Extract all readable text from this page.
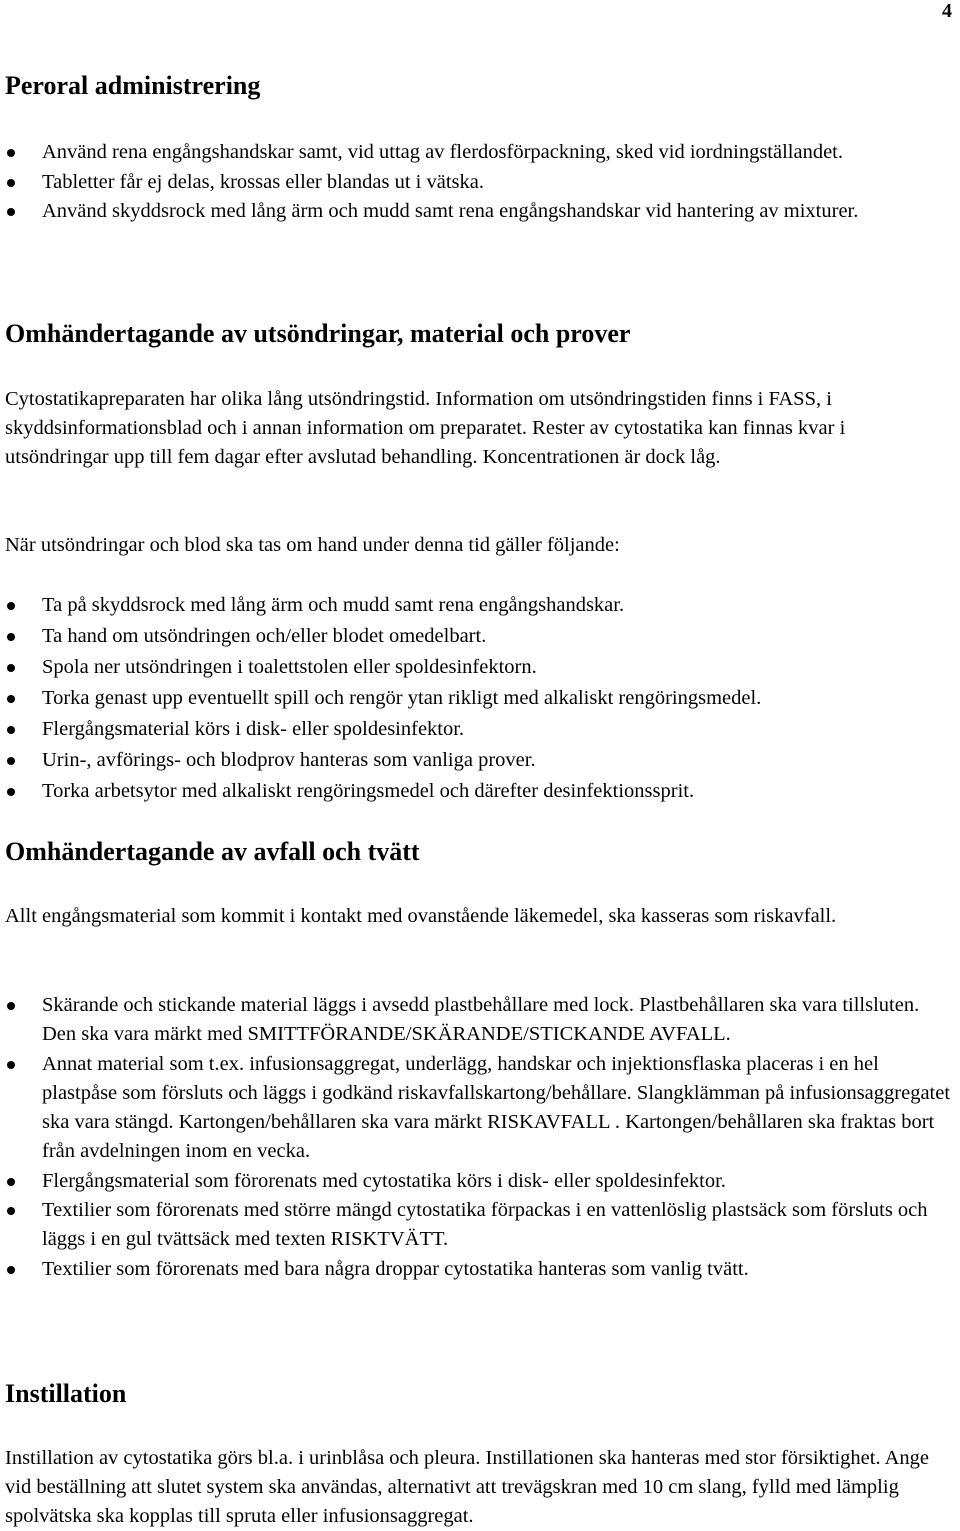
4
Peroral administrering
Använd rena engångshandskar samt, vid uttag av flerdosförpackning, sked vid iordningställandet.
Tabletter får ej delas, krossas eller blandas ut i vätska.
Använd skyddsrock med lång ärm och mudd samt rena engångshandskar vid hantering av mixturer.
Omhändertagande av utsöndringar, material och prover

Cytostatikapreparaten har olika lång utsöndringstid. Information om utsöndringstiden finns i FASS, i skyddsinformationsblad och i annan information om preparatet. Rester av cytostatika kan finnas kvar i utsöndringar upp till fem dagar efter avslutad behandling. Koncentrationen är dock låg.

När utsöndringar och blod ska tas om hand under denna tid gäller följande:

Ta på skyddsrock med lång ärm och mudd samt rena engångshandskar.
Ta hand om utsöndringen och/eller blodet omedelbart.
Spola ner utsöndringen i toalettstolen eller spoldesinfektorn.
Torka genast upp eventuellt spill och rengör ytan rikligt med alkaliskt rengöringsmedel.
Flergångsmaterial körs i disk- eller spoldesinfektor.
Urin-, avförings- och blodprov hanteras som vanliga prover.
Torka arbetsytor med alkaliskt rengöringsmedel och därefter desinfektionssprit.
Omhändertagande av avfall och tvätt

Allt engångsmaterial som kommit i kontakt med ovanstående läkemedel, ska kasseras som riskavfall.

Skärande och stickande material läggs i avsedd plastbehållare med lock. Plastbehållaren ska vara tillsluten. Den ska vara märkt med SMITTFÖRANDE/SKÄRANDE/STICKANDE AVFALL.
Annat material som t.ex. infusionsaggregat, underlägg, handskar och injektionsflaska placeras i en hel plastpåse som försluts och läggs i godkänd riskavfallskartong/behållare. Slangklämman på infusionsaggregatet ska vara stängd. Kartongen/behållaren ska vara märkt RISKAVFALL . Kartongen/behållaren ska fraktas bort från avdelningen inom en vecka.
Flergångsmaterial som förorenats med cytostatika körs i disk- eller spoldesinfektor.
Textilier som förorenats med större mängd cytostatika förpackas i en vattenlöslig plastsäck som försluts och läggs i en gul tvättsäck med texten RISKTVÄTT.
Textilier som förorenats med bara några droppar cytostatika hanteras som vanlig tvätt.
Instillation

Instillation av cytostatika görs bl.a. i urinblåsa och pleura. Instillationen ska hanteras med stor försiktighet. Ange vid beställning att slutet system ska användas, alternativt att trevägskran med 10 cm slang, fylld med lämplig spolvätska ska kopplas till spruta eller infusionsaggregat.
